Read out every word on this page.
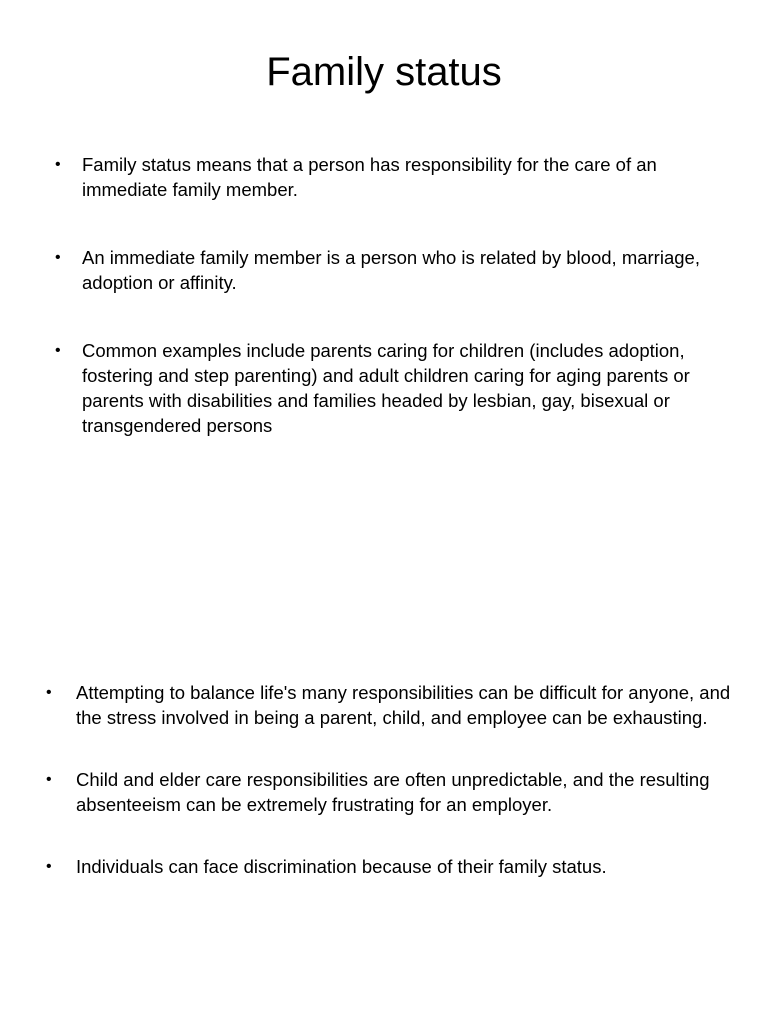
Family status
• Family status means that a person has responsibility for the care of an immediate family member.
• An immediate family member is a person who is related by blood, marriage, adoption or affinity.
• Common examples include parents caring for children (includes adoption, fostering and step parenting) and adult children caring for aging parents or parents with disabilities and families headed by lesbian, gay, bisexual or transgendered persons
• Attempting to balance life's many responsibilities can be difficult for anyone, and the stress involved in being a parent, child, and employee can be exhausting.
• Child and elder care responsibilities are often unpredictable, and the resulting absenteeism can be extremely frustrating for an employer.
• Individuals can face discrimination because of their family status.
